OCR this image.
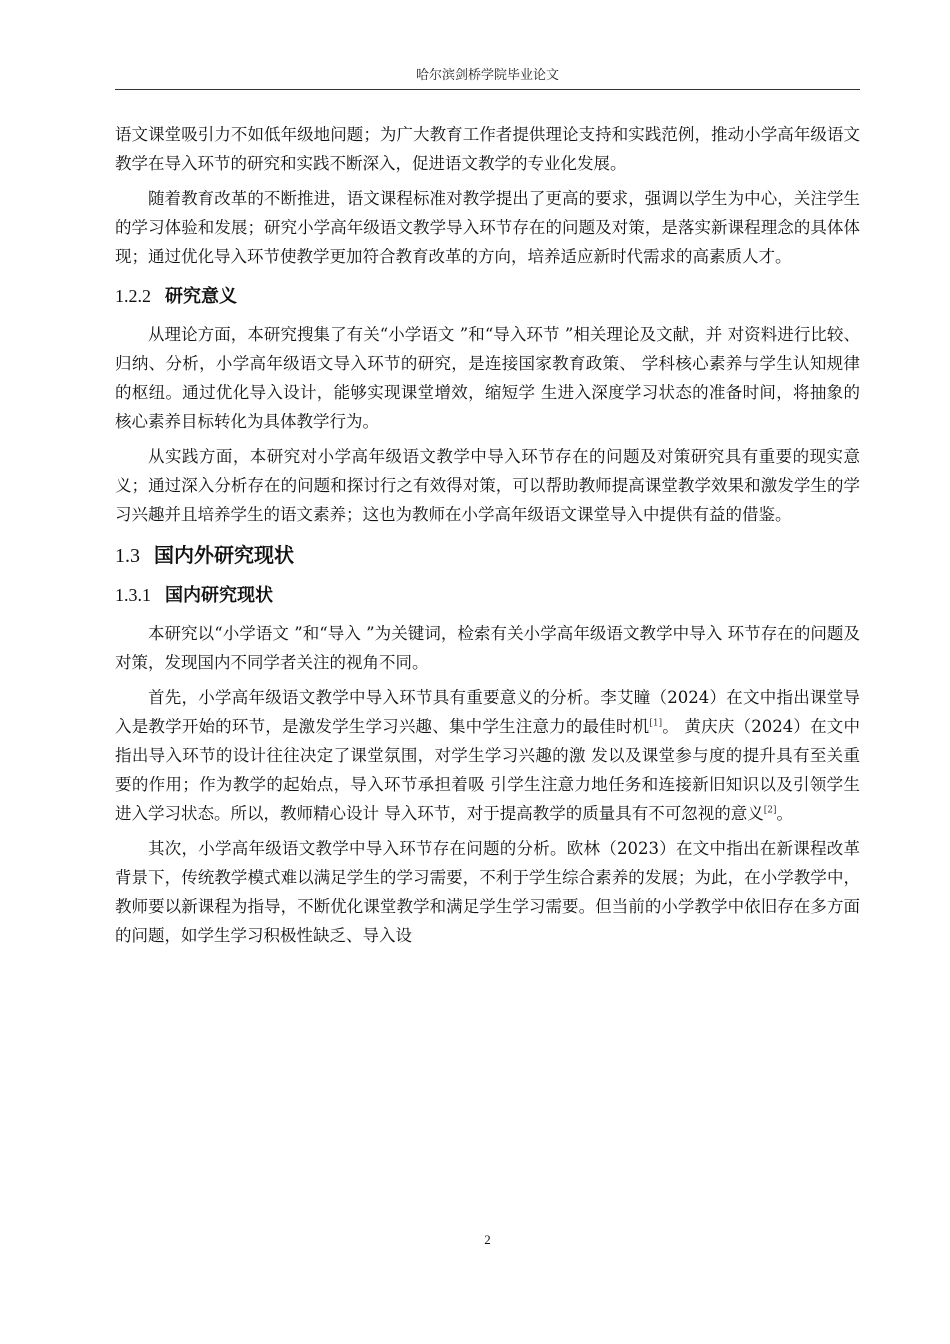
哈尔滨剑桥学院毕业论文

语文课堂吸引力不如低年级地问题；为广大教育工作者提供理论支持和实践范例，推动小学高年级语文教学在导入环节的研究和实践不断深入，促进语文教学的专业化发展。

随着教育改革的不断推进，语文课程标准对教学提出了更高的要求，强调以学生为中心，关注学生的学习体验和发展；研究小学高年级语文教学导入环节存在的问题及对策，是落实新课程理念的具体体现；通过优化导入环节使教学更加符合教育改革的方向，培养适应新时代需求的高素质人才。

1.2.2 研究意义

从理论方面，本研究搜集了有关“小学语文 ”和“导入环节 ”相关理论及文献，并 对资料进行比较、归纳、分析，小学高年级语文导入环节的研究，是连接国家教育政策、 学科核心素养与学生认知规律的枢纽。通过优化导入设计，能够实现课堂增效，缩短学 生进入深度学习状态的准备时间，将抽象的核心素养目标转化为具体教学行为。

从实践方面，本研究对小学高年级语文教学中导入环节存在的问题及对策研究具有重要的现实意义；通过深入分析存在的问题和探讨行之有效得对策，可以帮助教师提高课堂教学效果和激发学生的学习兴趣并且培养学生的语文素养；这也为教师在小学高年级语文课堂导入中提供有益的借鉴。

1.3 国内外研究现状
1.3.1 国内研究现状

本研究以“小学语文 ”和“导入 ”为关键词，检索有关小学高年级语文教学中导入 环节存在的问题及对策，发现国内不同学者关注的视角不同。

首先，小学高年级语文教学中导入环节具有重要意义的分析。李艾瞳（2024）在文中指出课堂导入是教学开始的环节，是激发学生学习兴趣、集中学生注意力的最佳时机[1]。 黄庆庆（2024）在文中指出导入环节的设计往往决定了课堂氛围，对学生学习兴趣的激 发以及课堂参与度的提升具有至关重要的作用；作为教学的起始点，导入环节承担着吸 引学生注意力地任务和连接新旧知识以及引领学生进入学习状态。所以，教师精心设计 导入环节，对于提高教学的质量具有不可忽视的意义[2]。

其次，小学高年级语文教学中导入环节存在问题的分析。欧林（2023）在文中指出在新课程改革背景下，传统教学模式难以满足学生的学习需要，不利于学生综合素养的发展；为此，在小学教学中，教师要以新课程为指导，不断优化课堂教学和满足学生学习需要。但当前的小学教学中依旧存在多方面的问题，如学生学习积极性缺乏、导入设

2
